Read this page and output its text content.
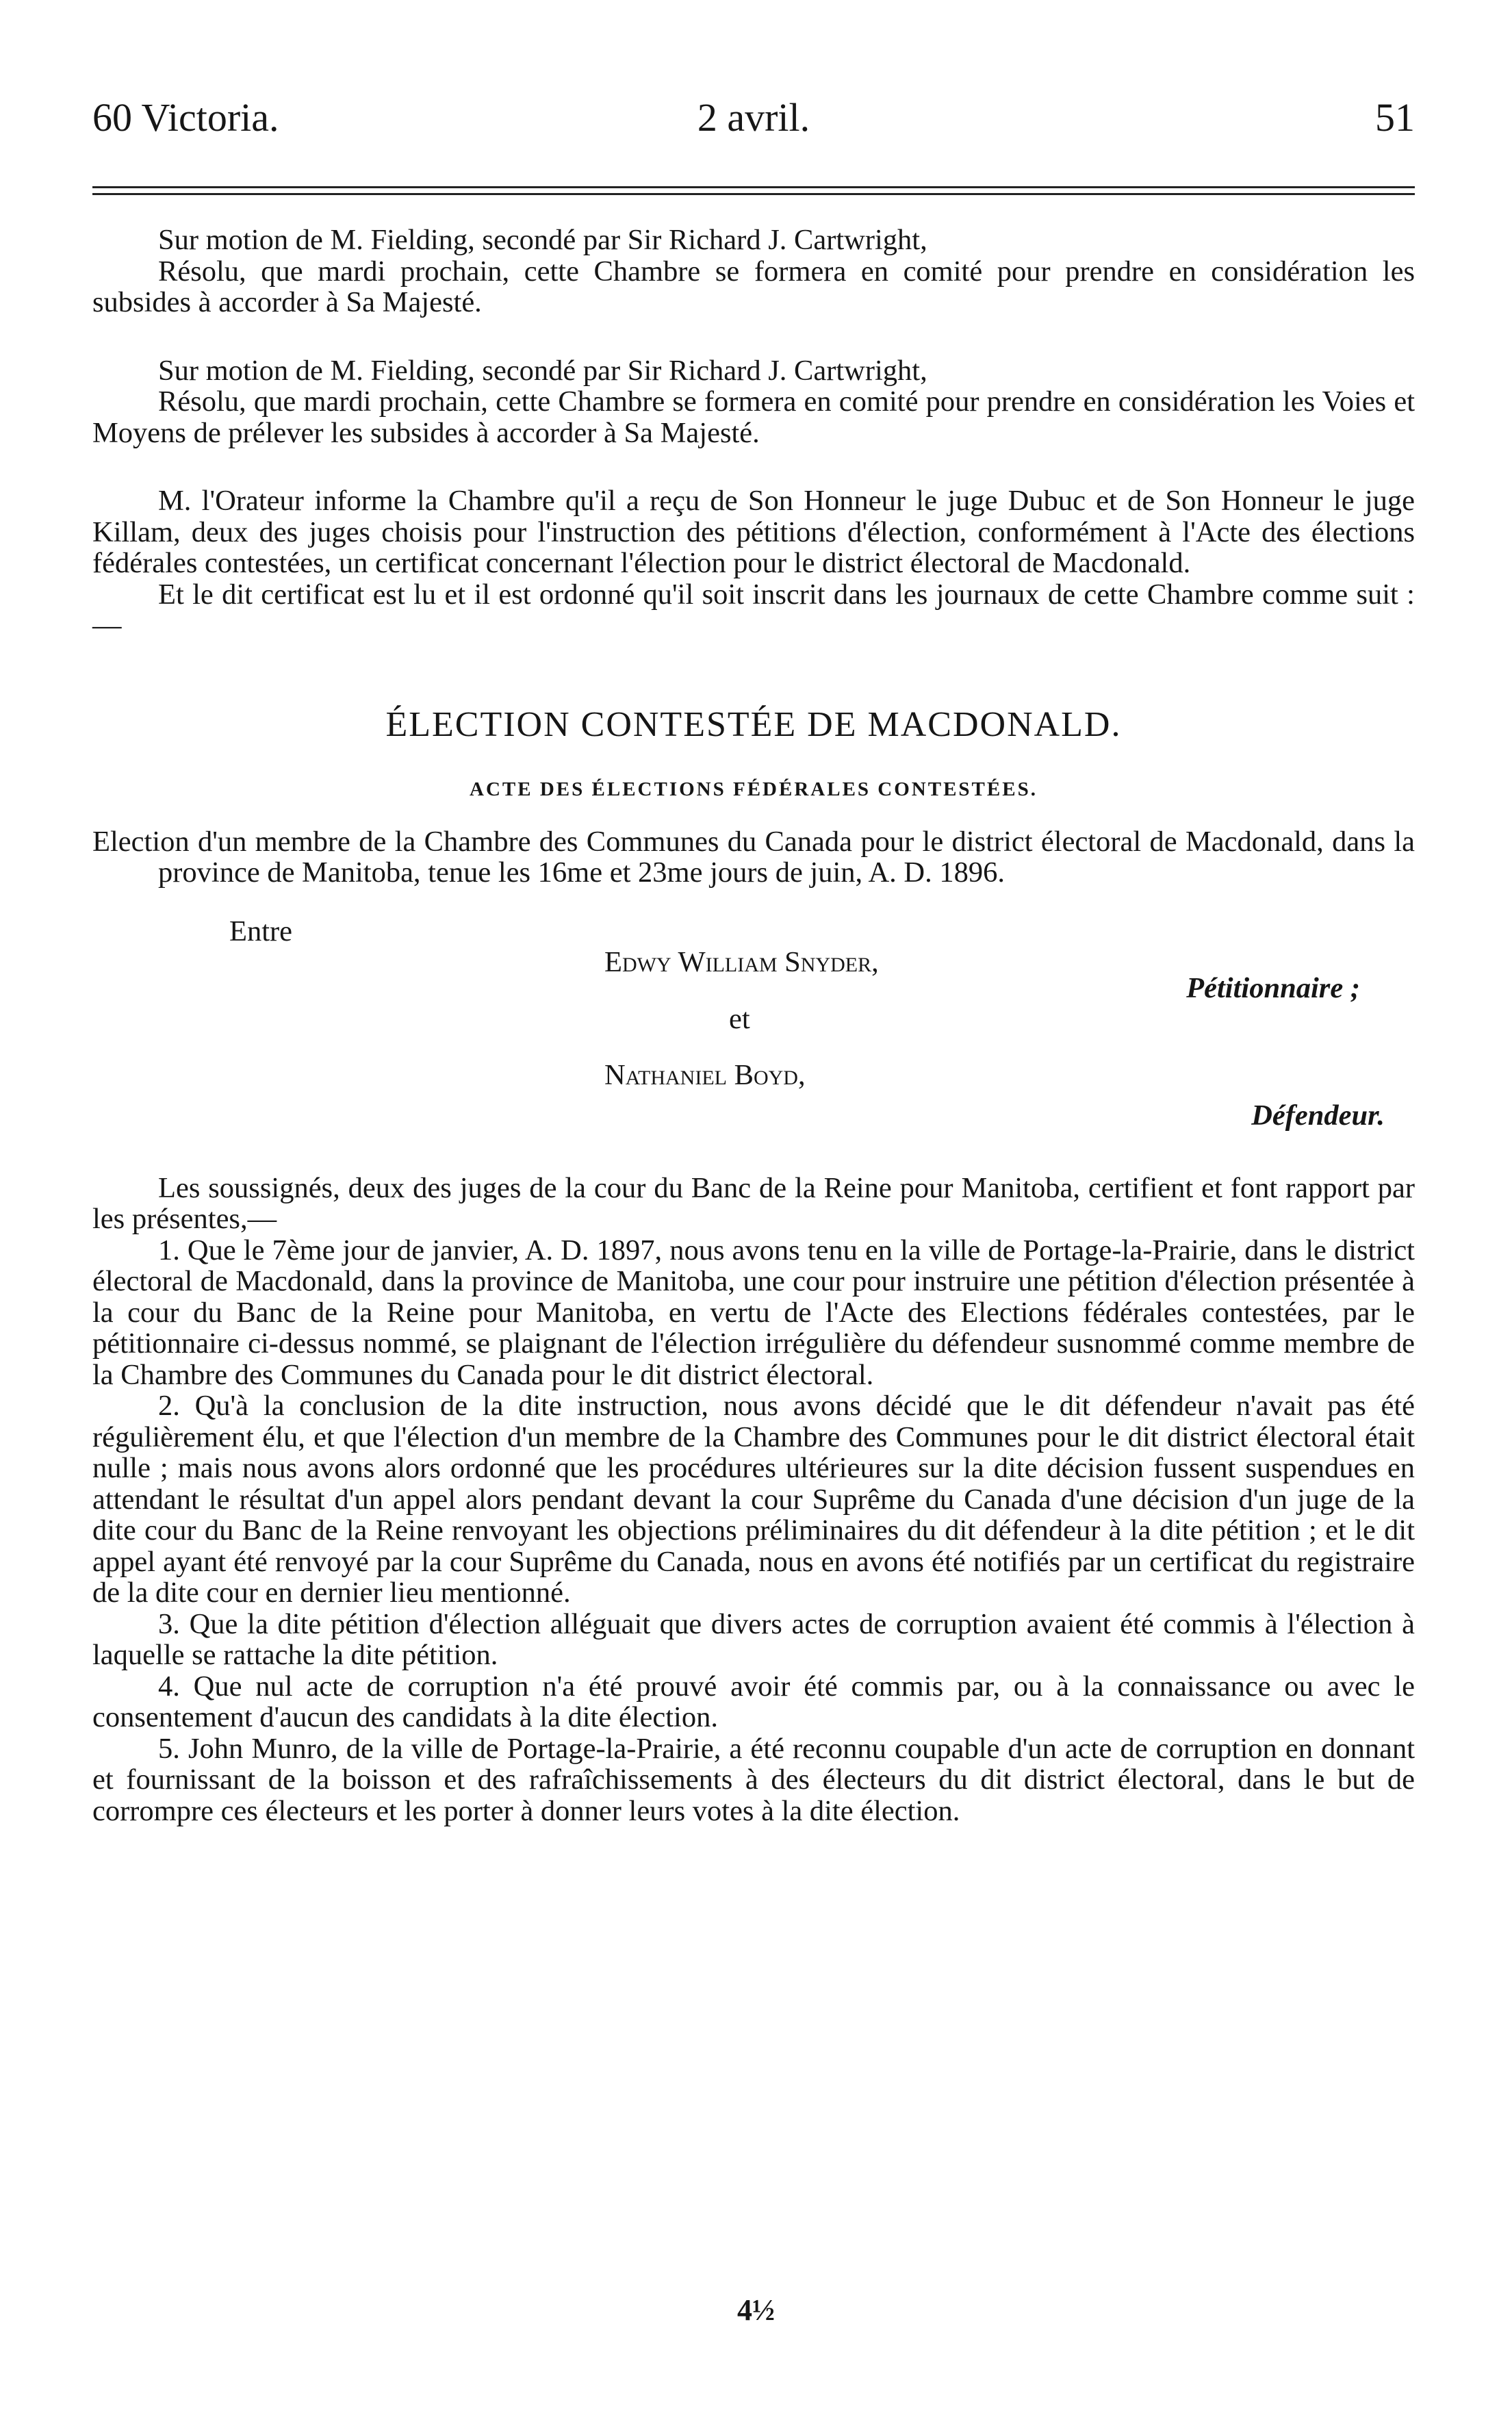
60 Victoria.	2 avril.	51

Sur motion de M. Fielding, secondé par Sir Richard J. Cartwright,

Résolu, que mardi prochain, cette Chambre se formera en comité pour prendre en considération les subsides à accorder à Sa Majesté.

Sur motion de M. Fielding, secondé par Sir Richard J. Cartwright,

Résolu, que mardi prochain, cette Chambre se formera en comité pour prendre en considération les Voies et Moyens de prélever les subsides à accorder à Sa Majesté.

M. l'Orateur informe la Chambre qu'il a reçu de Son Honneur le juge Dubuc et de Son Honneur le juge Killam, deux des juges choisis pour l'instruction des pétitions d'élection, conformément à l'Acte des élections fédérales contestées, un certificat concernant l'élection pour le district électoral de Macdonald.

Et le dit certificat est lu et il est ordonné qu'il soit inscrit dans les journaux de cette Chambre comme suit : —

ÉLECTION CONTESTÉE DE MACDONALD.
ACTE DES ÉLECTIONS FÉDÉRALES CONTESTÉES.

Election d'un membre de la Chambre des Communes du Canada pour le district électoral de Macdonald, dans la province de Manitoba, tenue les 16me et 23me jours de juin, A. D. 1896.

Entre
Edwy William Snyder,
Pétitionnaire ;
et
Nathaniel Boyd,
Défendeur.

Les soussignés, deux des juges de la cour du Banc de la Reine pour Manitoba, certifient et font rapport par les présentes,—

1. Que le 7ème jour de janvier, A. D. 1897, nous avons tenu en la ville de Portage-la-Prairie, dans le district électoral de Macdonald, dans la province de Manitoba, une cour pour instruire une pétition d'élection présentée à la cour du Banc de la Reine pour Manitoba, en vertu de l'Acte des Elections fédérales contestées, par le pétitionnaire ci-dessus nommé, se plaignant de l'élection irrégulière du défendeur susnommé comme membre de la Chambre des Communes du Canada pour le dit district électoral.

2. Qu'à la conclusion de la dite instruction, nous avons décidé que le dit défendeur n'avait pas été régulièrement élu, et que l'élection d'un membre de la Chambre des Communes pour le dit district électoral était nulle ; mais nous avons alors ordonné que les procédures ultérieures sur la dite décision fussent suspendues en attendant le résultat d'un appel alors pendant devant la cour Suprême du Canada d'une décision d'un juge de la dite cour du Banc de la Reine renvoyant les objections préliminaires du dit défendeur à la dite pétition ; et le dit appel ayant été renvoyé par la cour Suprême du Canada, nous en avons été notifiés par un certificat du registraire de la dite cour en dernier lieu mentionné.

3. Que la dite pétition d'élection alléguait que divers actes de corruption avaient été commis à l'élection à laquelle se rattache la dite pétition.

4. Que nul acte de corruption n'a été prouvé avoir été commis par, ou à la connaissance ou avec le consentement d'aucun des candidats à la dite élection.

5. John Munro, de la ville de Portage-la-Prairie, a été reconnu coupable d'un acte de corruption en donnant et fournissant de la boisson et des rafraîchissements à des électeurs du dit district électoral, dans le but de corrompre ces électeurs et les porter à donner leurs votes à la dite élection.

4½
